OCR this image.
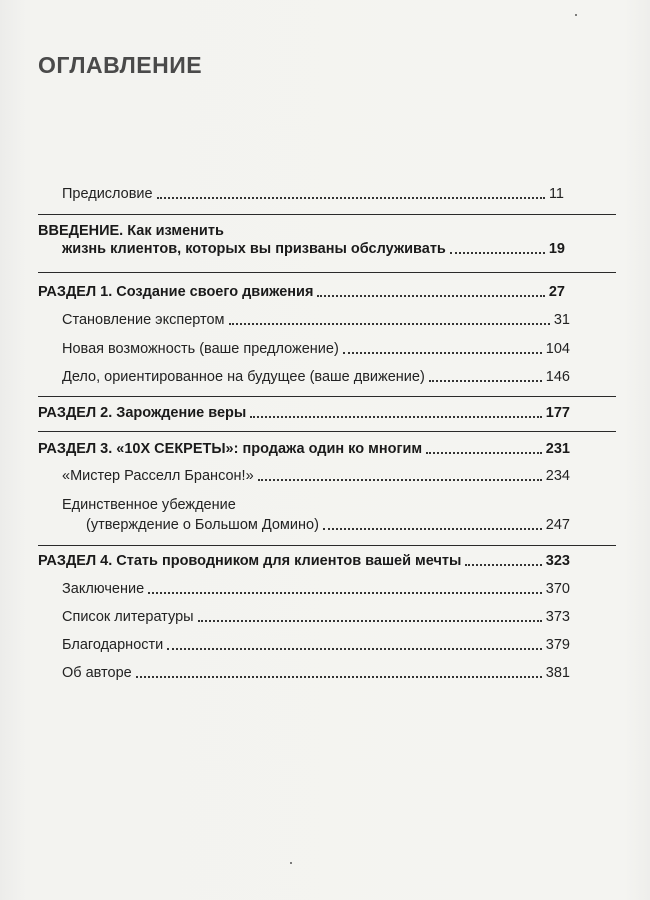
ОГЛАВЛЕНИЕ
Предисловие	11
ВВЕДЕНИЕ. Как изменить
жизнь клиентов, которых вы призваны обслуживать	19
РАЗДЕЛ 1. Создание своего движения	27
Становление экспертом	31
Новая возможность (ваше предложение)	104
Дело, ориентированное на будущее (ваше движение)	146
РАЗДЕЛ 2. Зарождение веры	177
РАЗДЕЛ 3. «10X СЕКРЕТЫ»: продажа один ко многим	231
«Мистер Расселл Брансон!»	234
Единственное убеждение
(утверждение о Большом Домино)	247
РАЗДЕЛ 4. Стать проводником для клиентов вашей мечты	323
Заключение	370
Список литературы	373
Благодарности	379
Об авторе	381
